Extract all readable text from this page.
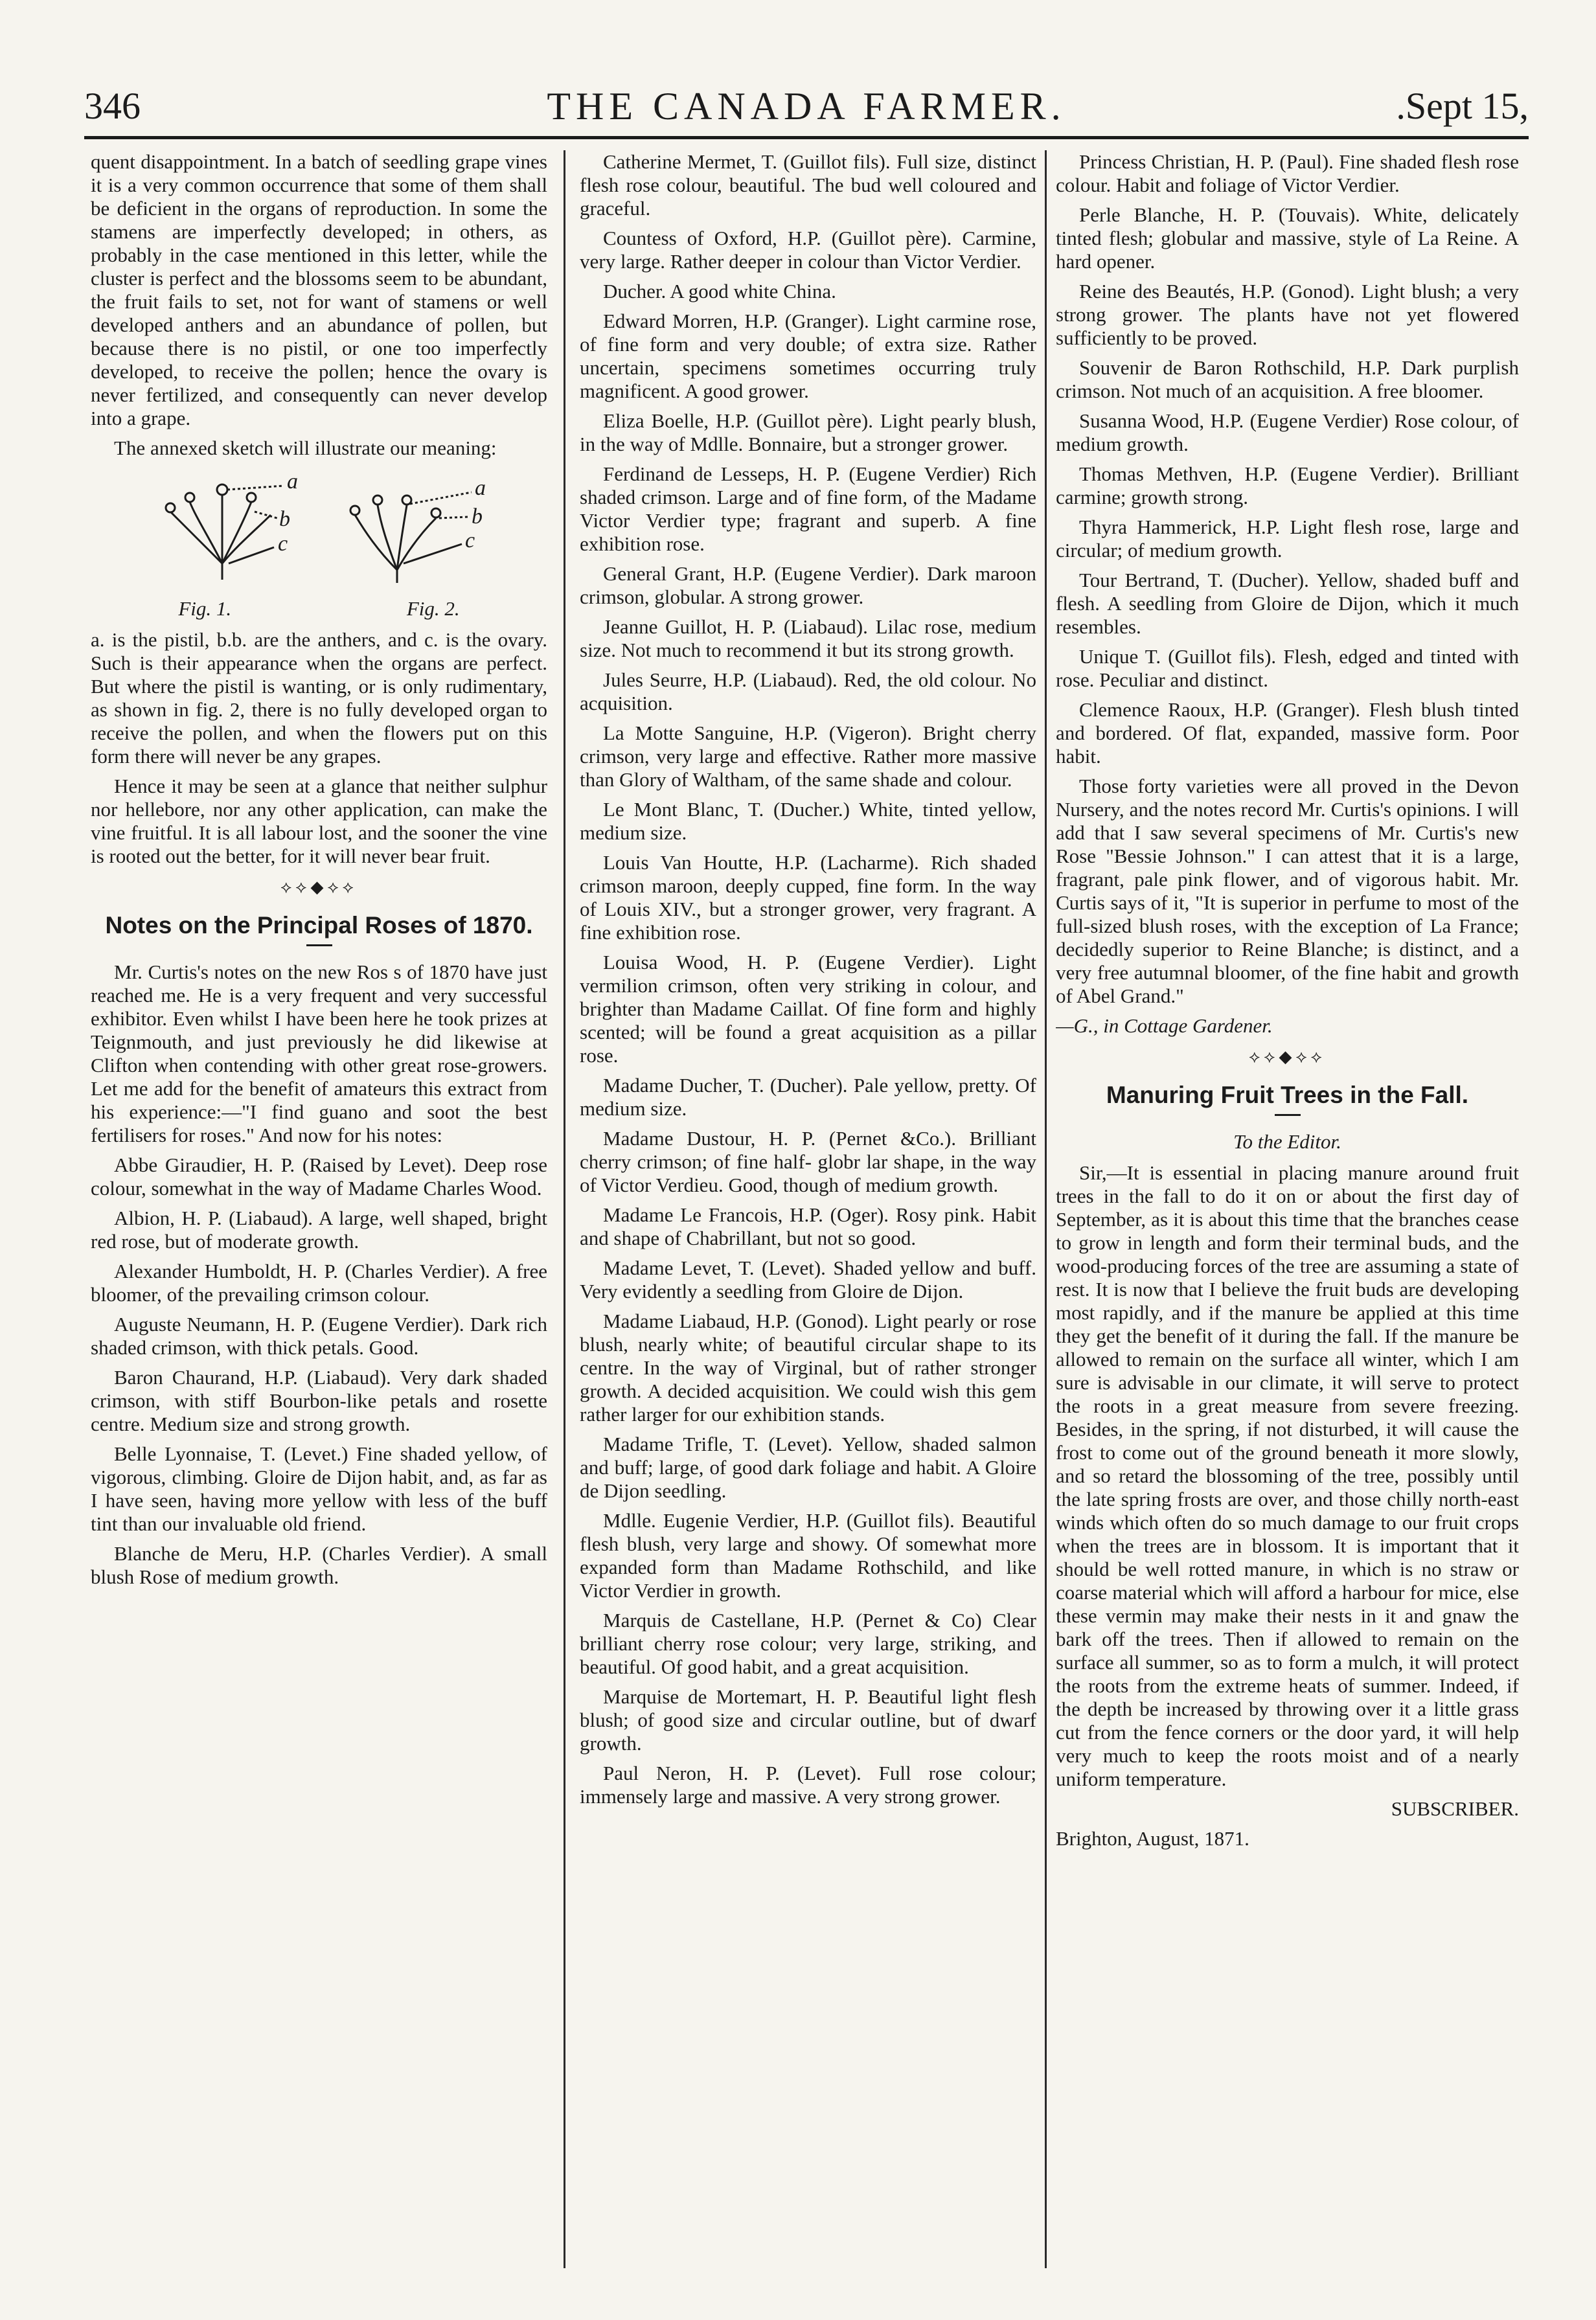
346	THE CANADA FARMER.	.Sept 15,

quent disappointment. In a batch of seedling grape vines it is a very common occurrence that some of them shall be deficient in the organs of reproduction. In some the stamens are imperfectly developed; in others, as probably in the case mentioned in this letter, while the cluster is perfect and the blossoms seem to be abundant, the fruit fails to set, not for want of stamens or well developed anthers and an abundance of pollen, but because there is no pistil, or one too imperfectly developed, to receive the pollen; hence the ovary is never fertilized, and consequently can never develop into a grape.

The annexed sketch will illustrate our meaning:

a
b
c
a
b
c
Fig. 1.	Fig. 2.

a. is the pistil, b.b. are the anthers, and c. is the ovary. Such is their appearance when the organs are perfect. But where the pistil is wanting, or is only rudimentary, as shown in fig. 2, there is no fully developed organ to receive the pollen, and when the flowers put on this form there will never be any grapes.

Hence it may be seen at a glance that neither sulphur nor hellebore, nor any other application, can make the vine fruitful. It is all labour lost, and the sooner the vine is rooted out the better, for it will never bear fruit.

⟡⟡◆⟡⟡
Notes on the Principal Roses of 1870.

Mr. Curtis's notes on the new Ros s of 1870 have just reached me. He is a very frequent and very successful exhibitor. Even whilst I have been here he took prizes at Teignmouth, and just previously he did likewise at Clifton when contending with other great rose-growers. Let me add for the benefit of amateurs this extract from his experience:—"I find guano and soot the best fertilisers for roses." And now for his notes:

Abbe Giraudier, H. P. (Raised by Levet). Deep rose colour, somewhat in the way of Madame Charles Wood.

Albion, H. P. (Liabaud). A large, well shaped, bright red rose, but of moderate growth.

Alexander Humboldt, H. P. (Charles Verdier). A free bloomer, of the prevailing crimson colour.

Auguste Neumann, H. P. (Eugene Verdier). Dark rich shaded crimson, with thick petals. Good.

Baron Chaurand, H.P. (Liabaud). Very dark shaded crimson, with stiff Bourbon-like petals and rosette centre. Medium size and strong growth.

Belle Lyonnaise, T. (Levet.) Fine shaded yellow, of vigorous, climbing. Gloire de Dijon habit, and, as far as I have seen, having more yellow with less of the buff tint than our invaluable old friend.

Blanche de Meru, H.P. (Charles Verdier). A small blush Rose of medium growth.

Catherine Mermet, T. (Guillot fils). Full size, distinct flesh rose colour, beautiful. The bud well coloured and graceful.

Countess of Oxford, H.P. (Guillot père). Carmine, very large. Rather deeper in colour than Victor Verdier.

Ducher. A good white China.

Edward Morren, H.P. (Granger). Light carmine rose, of fine form and very double; of extra size. Rather uncertain, specimens sometimes occurring truly magnificent. A good grower.

Eliza Boelle, H.P. (Guillot père). Light pearly blush, in the way of Mdlle. Bonnaire, but a stronger grower.

Ferdinand de Lesseps, H. P. (Eugene Verdier) Rich shaded crimson. Large and of fine form, of the Madame Victor Verdier type; fragrant and superb. A fine exhibition rose.

General Grant, H.P. (Eugene Verdier). Dark maroon crimson, globular. A strong grower.

Jeanne Guillot, H. P. (Liabaud). Lilac rose, medium size. Not much to recommend it but its strong growth.

Jules Seurre, H.P. (Liabaud). Red, the old colour. No acquisition.

La Motte Sanguine, H.P. (Vigeron). Bright cherry crimson, very large and effective. Rather more massive than Glory of Waltham, of the same shade and colour.

Le Mont Blanc, T. (Ducher.) White, tinted yellow, medium size.

Louis Van Houtte, H.P. (Lacharme). Rich shaded crimson maroon, deeply cupped, fine form. In the way of Louis XIV., but a stronger grower, very fragrant. A fine exhibition rose.

Louisa Wood, H. P. (Eugene Verdier). Light vermilion crimson, often very striking in colour, and brighter than Madame Caillat. Of fine form and highly scented; will be found a great acquisition as a pillar rose.

Madame Ducher, T. (Ducher). Pale yellow, pretty. Of medium size.

Madame Dustour, H. P. (Pernet &Co.). Brilliant cherry crimson; of fine half- globr lar shape, in the way of Victor Verdieu. Good, though of medium growth.

Madame Le Francois, H.P. (Oger). Rosy pink. Habit and shape of Chabrillant, but not so good.

Madame Levet, T. (Levet). Shaded yellow and buff. Very evidently a seedling from Gloire de Dijon.

Madame Liabaud, H.P. (Gonod). Light pearly or rose blush, nearly white; of beautiful circular shape to its centre. In the way of Virginal, but of rather stronger growth. A decided acquisition. We could wish this gem rather larger for our exhibition stands.

Madame Trifle, T. (Levet). Yellow, shaded salmon and buff; large, of good dark foliage and habit. A Gloire de Dijon seedling.

Mdlle. Eugenie Verdier, H.P. (Guillot fils). Beautiful flesh blush, very large and showy. Of somewhat more expanded form than Madame Rothschild, and like Victor Verdier in growth.

Marquis de Castellane, H.P. (Pernet & Co) Clear brilliant cherry rose colour; very large, striking, and beautiful. Of good habit, and a great acquisition.

Marquise de Mortemart, H. P. Beautiful light flesh blush; of good size and circular outline, but of dwarf growth.

Paul Neron, H. P. (Levet). Full rose colour; immensely large and massive. A very strong grower.

Princess Christian, H. P. (Paul). Fine shaded flesh rose colour. Habit and foliage of Victor Verdier.

Perle Blanche, H. P. (Touvais). White, delicately tinted flesh; globular and massive, style of La Reine. A hard opener.

Reine des Beautés, H.P. (Gonod). Light blush; a very strong grower. The plants have not yet flowered sufficiently to be proved.

Souvenir de Baron Rothschild, H.P. Dark purplish crimson. Not much of an acquisition. A free bloomer.

Susanna Wood, H.P. (Eugene Verdier) Rose colour, of medium growth.

Thomas Methven, H.P. (Eugene Verdier). Brilliant carmine; growth strong.

Thyra Hammerick, H.P. Light flesh rose, large and circular; of medium growth.

Tour Bertrand, T. (Ducher). Yellow, shaded buff and flesh. A seedling from Gloire de Dijon, which it much resembles.

Unique T. (Guillot fils). Flesh, edged and tinted with rose. Peculiar and distinct.

Clemence Raoux, H.P. (Granger). Flesh blush tinted and bordered. Of flat, expanded, massive form. Poor habit.

Those forty varieties were all proved in the Devon Nursery, and the notes record Mr. Curtis's opinions. I will add that I saw several specimens of Mr. Curtis's new Rose "Bessie Johnson." I can attest that it is a large, fragrant, pale pink flower, and of vigorous habit. Mr. Curtis says of it, "It is superior in perfume to most of the full-sized blush roses, with the exception of La France; decidedly superior to Reine Blanche; is distinct, and a very free autumnal bloomer, of the fine habit and growth of Abel Grand."

—G., in Cottage Gardener.

⟡⟡◆⟡⟡
Manuring Fruit Trees in the Fall.
To the Editor.

Sir,—It is essential in placing manure around fruit trees in the fall to do it on or about the first day of September, as it is about this time that the branches cease to grow in length and form their terminal buds, and the wood-producing forces of the tree are assuming a state of rest. It is now that I believe the fruit buds are developing most rapidly, and if the manure be applied at this time they get the benefit of it during the fall. If the manure be allowed to remain on the surface all winter, which I am sure is advisable in our climate, it will serve to protect the roots in a great measure from severe freezing. Besides, in the spring, if not disturbed, it will cause the frost to come out of the ground beneath it more slowly, and so retard the blossoming of the tree, possibly until the late spring frosts are over, and those chilly north-east winds which often do so much damage to our fruit crops when the trees are in blossom. It is important that it should be well rotted manure, in which is no straw or coarse material which will afford a harbour for mice, else these vermin may make their nests in it and gnaw the bark off the trees. Then if allowed to remain on the surface all summer, so as to form a mulch, it will protect the roots from the extreme heats of summer. Indeed, if the depth be increased by throwing over it a little grass cut from the fence corners or the door yard, it will help very much to keep the roots moist and of a nearly uniform temperature.

SUBSCRIBER.

Brighton, August, 1871.
